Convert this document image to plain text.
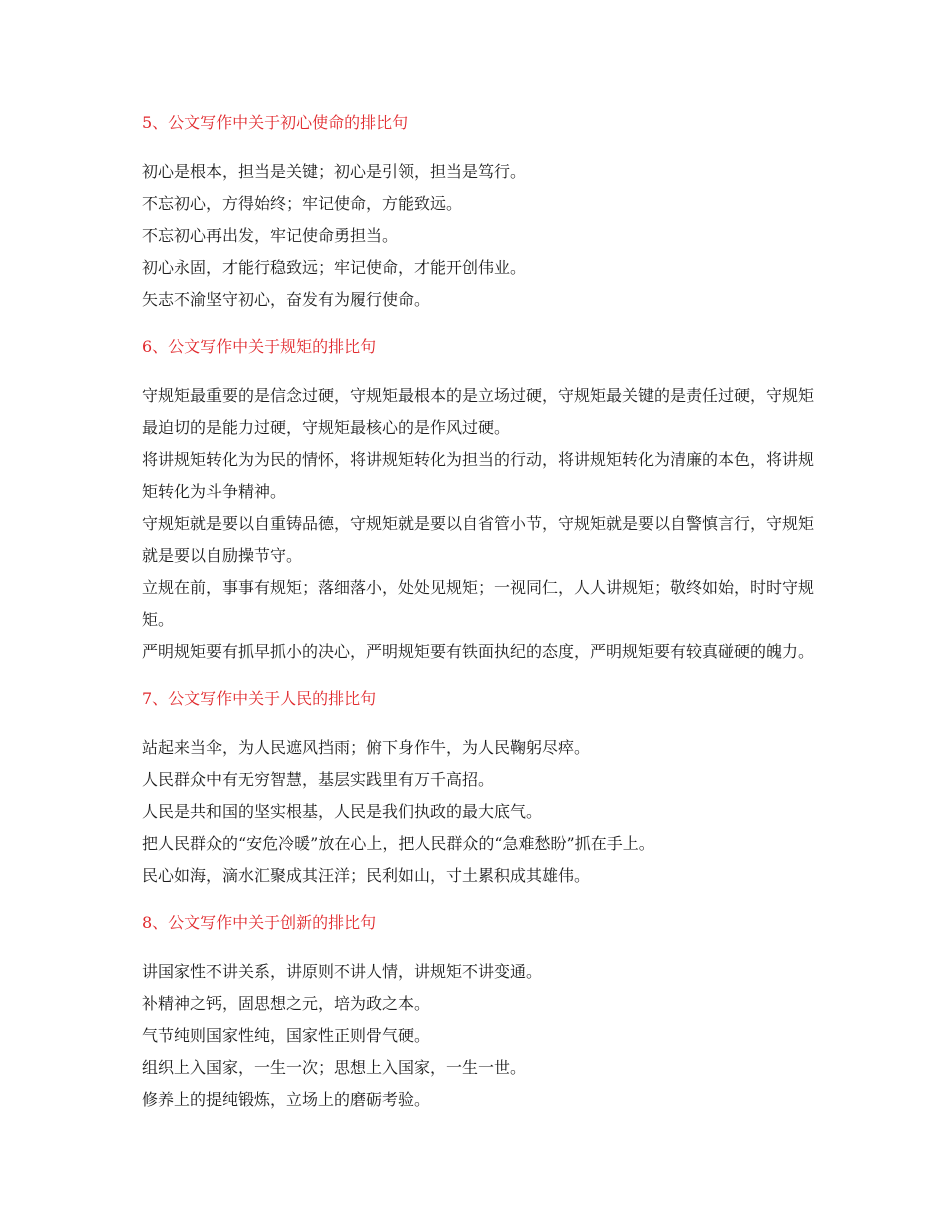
5、公文写作中关于初心使命的排比句

初心是根本，担当是关键；初心是引领，担当是笃行。

不忘初心，方得始终；牢记使命，方能致远。

不忘初心再出发，牢记使命勇担当。

初心永固，才能行稳致远；牢记使命，才能开创伟业。

矢志不渝坚守初心，奋发有为履行使命。

6、公文写作中关于规矩的排比句

守规矩最重要的是信念过硬，守规矩最根本的是立场过硬，守规矩最关键的是责任过硬，守规矩最迫切的是能力过硬，守规矩最核心的是作风过硬。

将讲规矩转化为为民的情怀，将讲规矩转化为担当的行动，将讲规矩转化为清廉的本色，将讲规矩转化为斗争精神。

守规矩就是要以自重铸品德，守规矩就是要以自省管小节，守规矩就是要以自警慎言行，守规矩就是要以自励操节守。

立规在前，事事有规矩；落细落小，处处见规矩；一视同仁，人人讲规矩；敬终如始，时时守规矩。

严明规矩要有抓早抓小的决心，严明规矩要有铁面执纪的态度，严明规矩要有较真碰硬的魄力。

7、公文写作中关于人民的排比句

站起来当伞，为人民遮风挡雨；俯下身作牛，为人民鞠躬尽瘁。

人民群众中有无穷智慧，基层实践里有万千高招。

人民是共和国的坚实根基，人民是我们执政的最大底气。

把人民群众的“安危冷暖”放在心上，把人民群众的“急难愁盼”抓在手上。

民心如海，滴水汇聚成其汪洋；民利如山，寸土累积成其雄伟。

8、公文写作中关于创新的排比句

讲国家性不讲关系，讲原则不讲人情，讲规矩不讲变通。

补精神之钙，固思想之元，培为政之本。

气节纯则国家性纯，国家性正则骨气硬。

组织上入国家，一生一次；思想上入国家，一生一世。

修养上的提纯锻炼，立场上的磨砺考验。
